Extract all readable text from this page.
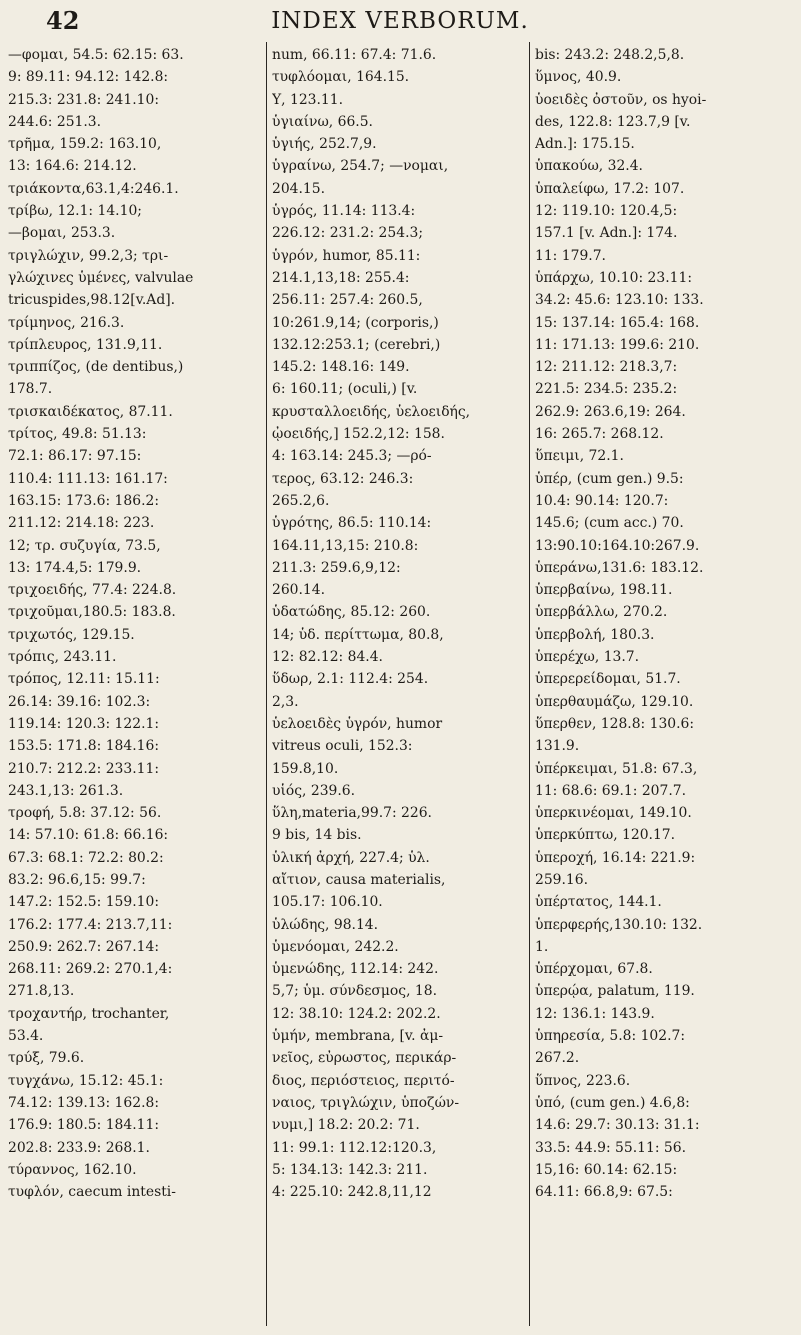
42	INDEX VERBORUM.
—φομαι, 54.5: 62.15: 63.
9: 89.11: 94.12: 142.8:
215.3: 231.8: 241.10:
244.6: 251.3.
τρῆμα, 159.2: 163.10,
13: 164.6: 214.12.
τριάκοντα,63.1,4:246.1.
τρίβω, 12.1: 14.10;
—βομαι, 253.3.
τριγλώχιν, 99.2,3; τρι-
γλώχινες ὑμένες, valvulae
tricuspides,98.12[v.Ad].
τρίμηνος, 216.3.
τρίπλευρος, 131.9,11.
τριππίζος, (de dentibus,)
178.7.
τρισκαιδέκατος, 87.11.
τρίτος, 49.8: 51.13:
72.1: 86.17: 97.15:
110.4: 111.13: 161.17:
163.15: 173.6: 186.2:
211.12: 214.18: 223.
12; τρ. συζυγία, 73.5,
13: 174.4,5: 179.9.
τριχοειδής, 77.4: 224.8.
τριχοῦμαι,180.5: 183.8.
τριχωτός, 129.15.
τρόπις, 243.11.
τρόπος, 12.11: 15.11:
26.14: 39.16: 102.3:
119.14: 120.3: 122.1:
153.5: 171.8: 184.16:
210.7: 212.2: 233.11:
243.1,13: 261.3.
τροφή, 5.8: 37.12: 56.
14: 57.10: 61.8: 66.16:
67.3: 68.1: 72.2: 80.2:
83.2: 96.6,15: 99.7:
147.2: 152.5: 159.10:
176.2: 177.4: 213.7,11:
250.9: 262.7: 267.14:
268.11: 269.2: 270.1,4:
271.8,13.
τροχαντήρ, trochanter,
53.4.
τρύξ, 79.6.
τυγχάνω, 15.12: 45.1:
74.12: 139.13: 162.8:
176.9: 180.5: 184.11:
202.8: 233.9: 268.1.
τύραννος, 162.10.
τυφλόν, caecum intesti-
num, 66.11: 67.4: 71.6.
τυφλόομαι, 164.15.
Υ, 123.11.
ὑγιαίνω, 66.5.
ὑγιής, 252.7,9.
ὑγραίνω, 254.7; —νομαι,
204.15.
ὑγρός, 11.14: 113.4:
226.12: 231.2: 254.3;
ὑγρόν, humor, 85.11:
214.1,13,18: 255.4:
256.11: 257.4: 260.5,
10:261.9,14; (corporis,)
132.12:253.1; (cerebri,)
145.2: 148.16: 149.
6: 160.11; (oculi,) [v.
κρυσταλλοειδής, ὑελοειδής,
ᾠοειδής,] 152.2,12: 158.
4: 163.14: 245.3; —ρό-
τερος, 63.12: 246.3:
265.2,6.
ὑγρότης, 86.5: 110.14:
164.11,13,15: 210.8:
211.3: 259.6,9,12:
260.14.
ὑδατώδης, 85.12: 260.
14; ὑδ. περίττωμα, 80.8,
12: 82.12: 84.4.
ὕδωρ, 2.1: 112.4: 254.
2,3.
ὑελοειδὲς ὑγρόν, humor
vitreus oculi, 152.3:
159.8,10.
υἱός, 239.6.
ὕλη,materia,99.7: 226.
9 bis, 14 bis.
ὑλική ἀρχή, 227.4; ὑλ.
αἴτιον, causa materialis,
105.17: 106.10.
ὑλώδης, 98.14.
ὑμενόομαι, 242.2.
ὑμενώδης, 112.14: 242.
5,7; ὑμ. σύνδεσμος, 18.
12: 38.10: 124.2: 202.2.
ὑμήν, membrana, [v. ἀμ-
νεῖος, εὐρωστος, περικάρ-
διος, περιόστειος, περιτό-
ναιος, τριγλώχιν, ὑποζών-
νυμι,] 18.2: 20.2: 71.
11: 99.1: 112.12:120.3,
5: 134.13: 142.3: 211.
4: 225.10: 242.8,11,12
bis: 243.2: 248.2,5,8.
ὕμνος, 40.9.
ὑοειδὲς ὀστοῦν, os hyoi-
des, 122.8: 123.7,9 [v.
Adn.]: 175.15.
ὑπακούω, 32.4.
ὑπαλείφω, 17.2: 107.
12: 119.10: 120.4,5:
157.1 [v. Adn.]: 174.
11: 179.7.
ὑπάρχω, 10.10: 23.11:
34.2: 45.6: 123.10: 133.
15: 137.14: 165.4: 168.
11: 171.13: 199.6: 210.
12: 211.12: 218.3,7:
221.5: 234.5: 235.2:
262.9: 263.6,19: 264.
16: 265.7: 268.12.
ὕπειμι, 72.1.
ὑπέρ, (cum gen.) 9.5:
10.4: 90.14: 120.7:
145.6; (cum acc.) 70.
13:90.10:164.10:267.9.
ὑπεράνω,131.6: 183.12.
ὑπερβαίνω, 198.11.
ὑπερβάλλω, 270.2.
ὑπερβολή, 180.3.
ὑπερέχω, 13.7.
ὑπερερείδομαι, 51.7.
ὑπερθαυμάζω, 129.10.
ὕπερθεν, 128.8: 130.6:
131.9.
ὑπέρκειμαι, 51.8: 67.3,
11: 68.6: 69.1: 207.7.
ὑπερκινέομαι, 149.10.
ὑπερκύπτω, 120.17.
ὑπεροχή, 16.14: 221.9:
259.16.
ὑπέρτατος, 144.1.
ὑπερφερής,130.10: 132.
1.
ὑπέρχομαι, 67.8.
ὑπερῴα, palatum, 119.
12: 136.1: 143.9.
ὑπηρεσία, 5.8: 102.7:
267.2.
ὕπνος, 223.6.
ὑπό, (cum gen.) 4.6,8:
14.6: 29.7: 30.13: 31.1:
33.5: 44.9: 55.11: 56.
15,16: 60.14: 62.15:
64.11: 66.8,9: 67.5:
